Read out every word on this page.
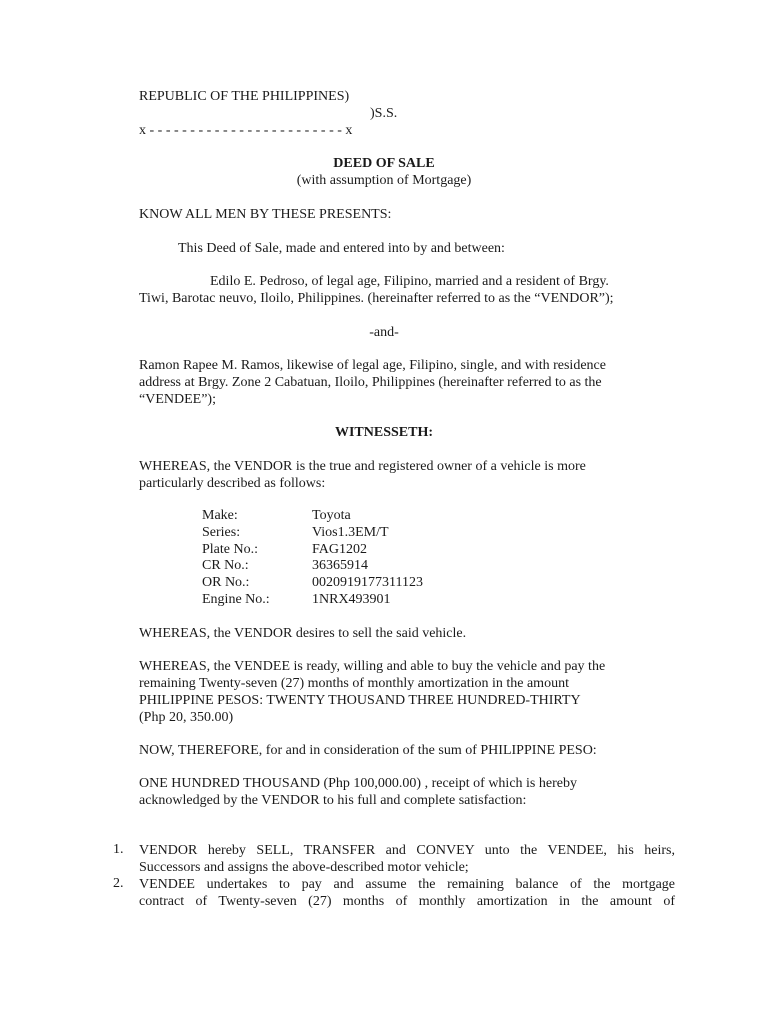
REPUBLIC OF THE PHILIPPINES)
)S.S.
x - - - - - - - - - - - - - - - - - - - - - - - - x
DEED OF SALE
(with assumption of Mortgage)
KNOW ALL MEN BY THESE PRESENTS:
This Deed of Sale, made and entered into by and between:
Edilo E. Pedroso, of legal age, Filipino, married and a resident of Brgy.
Tiwi, Barotac neuvo, Iloilo, Philippines. (hereinafter referred to as the “VENDOR”);
-and-
Ramon Rapee M. Ramos, likewise of legal age, Filipino, single, and with residence
address at Brgy. Zone 2 Cabatuan, Iloilo, Philippines (hereinafter referred to as the
“VENDEE”);
WITNESSETH:
WHEREAS, the VENDOR is the true and registered owner of a vehicle is more
particularly described as follows:
Make:	Toyota
Series:	Vios1.3EM/T
Plate No.:	FAG1202
CR No.:	36365914
OR No.:	0020919177311123
Engine No.:	1NRX493901
WHEREAS, the VENDOR desires to sell the said vehicle.
WHEREAS, the VENDEE is ready, willing and able to buy the vehicle and pay the
remaining Twenty-seven (27) months of monthly amortization in the amount
PHILIPPINE PESOS: TWENTY THOUSAND THREE HUNDRED-THIRTY
(Php 20, 350.00)
NOW, THEREFORE, for and in consideration of the sum of PHILIPPINE PESO:
ONE HUNDRED THOUSAND (Php 100,000.00) , receipt of which is hereby
acknowledged by the VENDOR to his full and complete satisfaction:
1.	VENDOR hereby SELL, TRANSFER and CONVEY unto the VENDEE, his heirs,
Successors and assigns the above-described motor vehicle;
2.	VENDEE undertakes to pay and assume the remaining balance of the mortgage
contract of Twenty-seven (27) months of monthly amortization in the amount of
